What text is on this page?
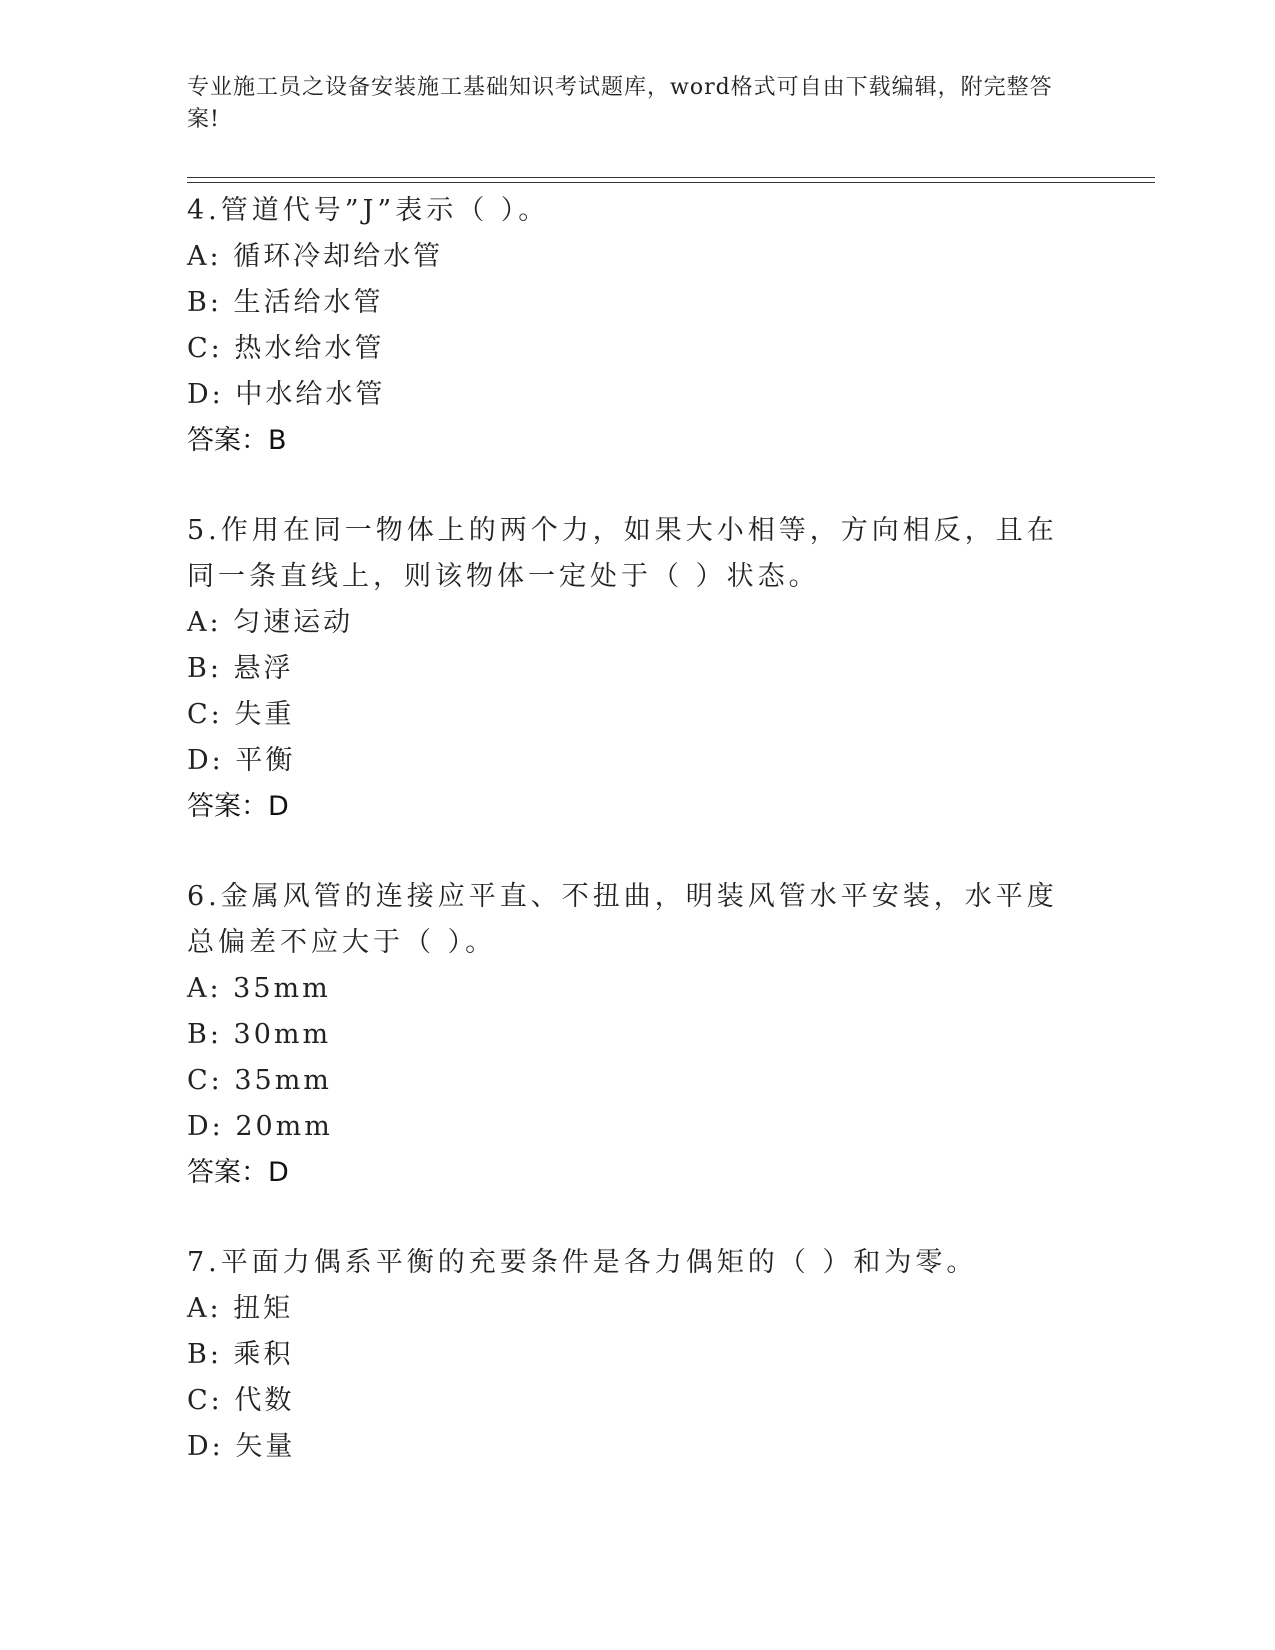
专业施工员之设备安装施工基础知识考试题库，word格式可自由下载编辑，附完整答案!

4.管道代号”J”表示（ ）。

A: 循环冷却给水管

B: 生活给水管

C: 热水给水管

D: 中水给水管

答案：B

5.作用在同一物体上的两个力，如果大小相等，方向相反，且在同一条直线上，则该物体一定处于（ ）状态。

A: 匀速运动

B: 悬浮

C: 失重

D: 平衡

答案：D

6.金属风管的连接应平直、不扭曲，明装风管水平安装，水平度总偏差不应大于（ ）。

A: 35mm

B: 30mm

C: 35mm

D: 20mm

答案：D

7.平面力偶系平衡的充要条件是各力偶矩的（ ）和为零。

A: 扭矩

B: 乘积

C: 代数

D: 矢量
